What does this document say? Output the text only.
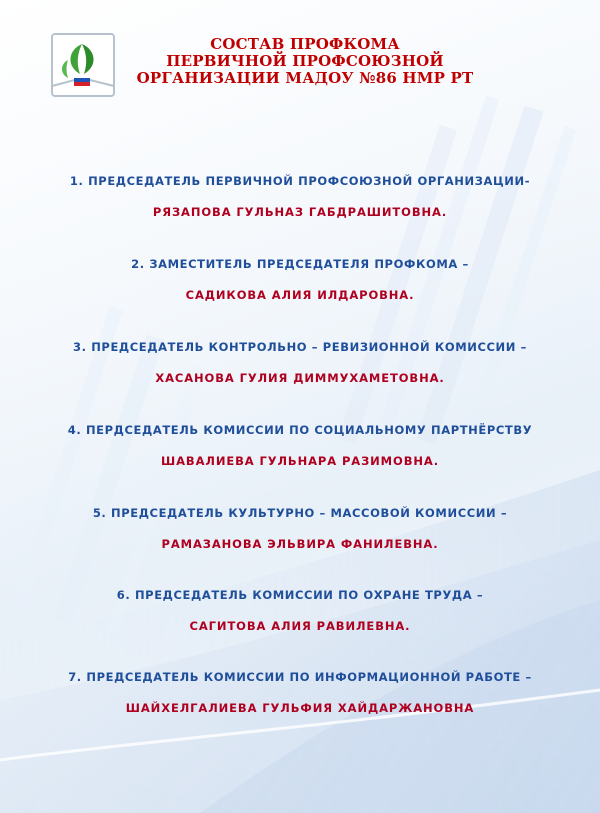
СОСТАВ ПРОФКОМА
ПЕРВИЧНОЙ ПРОФСОЮЗНОЙ
ОРГАНИЗАЦИИ МАДОУ №86 НМР РТ
1. ПРЕДСЕДАТЕЛЬ ПЕРВИЧНОЙ ПРОФСОЮЗНОЙ ОРГАНИЗАЦИИ-
РЯЗАПОВА ГУЛЬНАЗ ГАБДРАШИТОВНА.
2. ЗАМЕСТИТЕЛЬ ПРЕДСЕДАТЕЛЯ ПРОФКОМА –
САДИКОВА АЛИЯ ИЛДАРОВНА.
3. ПРЕДСЕДАТЕЛЬ КОНТРОЛЬНО – РЕВИЗИОННОЙ КОМИССИИ –
ХАСАНОВА ГУЛИЯ ДИММУХАМЕТОВНА.
4. ПЕРДСЕДАТЕЛЬ КОМИССИИ ПО СОЦИАЛЬНОМУ ПАРТНЁРСТВУ
ШАВАЛИЕВА ГУЛЬНАРА РАЗИМОВНА.
5. ПРЕДСЕДАТЕЛЬ КУЛЬТУРНО – МАССОВОЙ КОМИССИИ –
РАМАЗАНОВА ЭЛЬВИРА ФАНИЛЕВНА.
6. ПРЕДСЕДАТЕЛЬ КОМИССИИ ПО ОХРАНЕ ТРУДА –
САГИТОВА АЛИЯ РАВИЛЕВНА.
7. ПРЕДСЕДАТЕЛЬ КОМИССИИ ПО ИНФОРМАЦИОННОЙ РАБОТЕ –
ШАЙХЕЛГАЛИЕВА ГУЛЬФИЯ ХАЙДАРЖАНОВНА
